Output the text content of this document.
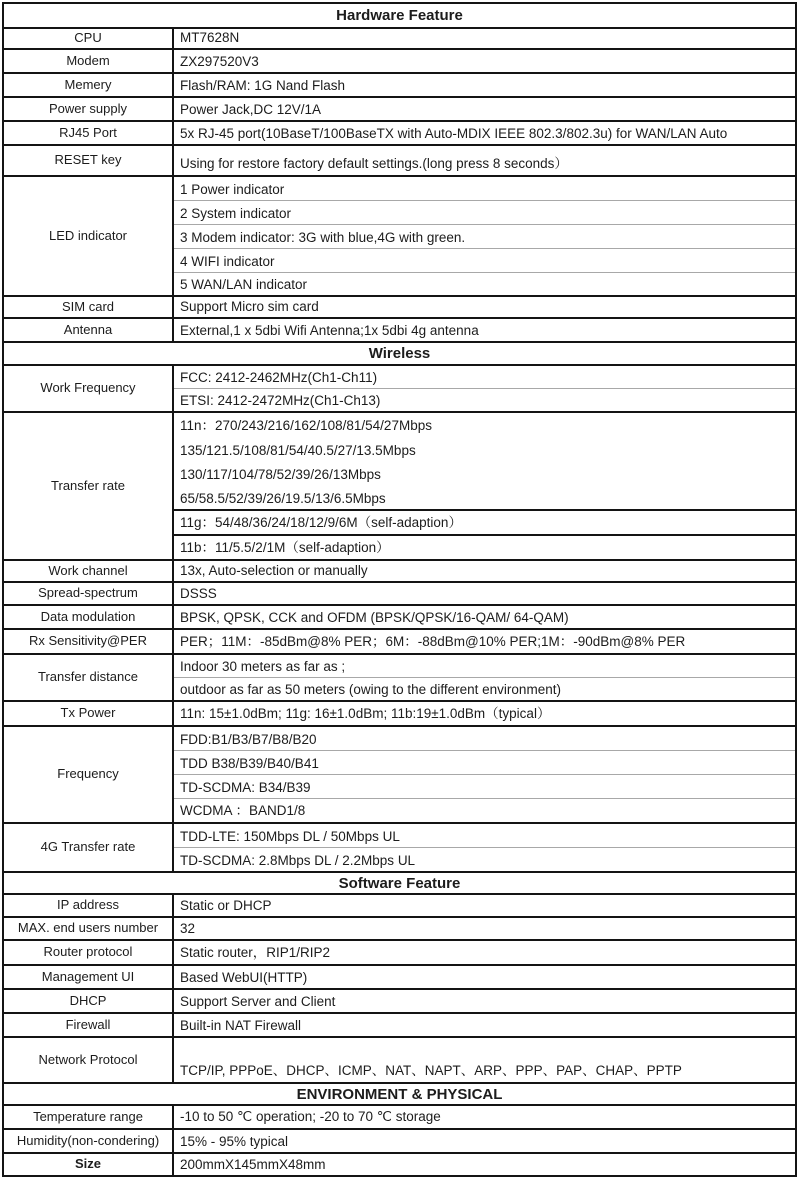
Hardware Feature	
CPU	MT7628N

Modem	ZX297520V3

Memery	Flash/RAM: 1G Nand Flash

Power supply	Power Jack,DC 12V/1A

RJ45 Port	5x RJ-45 port(10BaseT/100BaseTX with Auto-MDIX IEEE 802.3/802.3u) for WAN/LAN Auto

RESET key	Using for restore factory default settings.(long press 8 seconds）

LED indicator	1 Power indicator

2 System indicator

3 Modem indicator: 3G with blue,4G with green.

4 WIFI indicator

5 WAN/LAN indicator

SIM card	Support Micro sim card

Antenna	External,1 x 5dbi Wifi Antenna;1x 5dbi 4g antenna

Wireless	
Work Frequency	FCC: 2412-2462MHz(Ch1-Ch11)

ETSI: 2412-2472MHz(Ch1-Ch13)

Transfer rate	11n：270/243/216/162/108/81/54/27Mbps
135/121.5/108/81/54/40.5/27/13.5Mbps
130/117/104/78/52/39/26/13Mbps
65/58.5/52/39/26/19.5/13/6.5Mbps

11g：54/48/36/24/18/12/9/6M（self-adaption）

11b：11/5.5/2/1M（self-adaption）

Work channel	13x, Auto-selection or manually

Spread-spectrum	DSSS

Data modulation	BPSK, QPSK, CCK and OFDM (BPSK/QPSK/16-QAM/ 64-QAM)

Rx Sensitivity@PER	PER；11M：-85dBm@8% PER；6M：-88dBm@10% PER;1M：-90dBm@8% PER

Transfer distance	Indoor 30 meters as far as ;

outdoor as far as 50 meters (owing to the different environment)

Tx Power	11n: 15±1.0dBm; 11g: 16±1.0dBm; 11b:19±1.0dBm（typical）

Frequency	FDD:B1/B3/B7/B8/B20

TDD B38/B39/B40/B41

TD-SCDMA: B34/B39

WCDMA ：BAND1/8

4G Transfer rate	TDD-LTE: 150Mbps DL / 50Mbps UL

TD-SCDMA: 2.8Mbps DL / 2.2Mbps UL

Software Feature	
IP address	Static or DHCP

MAX. end users number	32

Router protocol	Static router，RIP1/RIP2

Management UI	Based WebUI(HTTP)

DHCP	Support Server and Client

Firewall	Built-in NAT Firewall

Network Protocol	TCP/IP, PPPoE、DHCP、ICMP、NAT、NAPT、ARP、PPP、PAP、CHAP、PPTP

ENVIRONMENT & PHYSICAL	
Temperature range	-10 to 50 ℃ operation; -20 to 70 ℃ storage

Humidity(non-condering)	15% - 95% typical

Size	200mmX145mmX48mm
